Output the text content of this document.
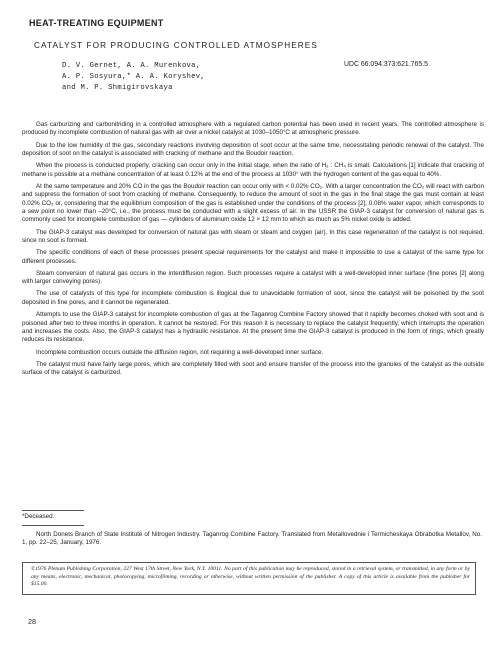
HEAT-TREATING EQUIPMENT
CATALYST FOR PRODUCING CONTROLLED ATMOSPHERES
D. V. Gernet, A. A. Murenkova,
A. P. Sosyura,* A. A. Koryshev,
and M. P. Shmigirovskaya
UDC 66.094.373:621.765.5

Gas carburizing and carbonitriding in a controlled atmosphere with a regulated carbon potential has been used in recent years. The controlled atmosphere is produced by incomplete combustion of natural gas with air over a nickel catalyst at 1030–1050°C at atmospheric pressure.

Due to the low humidity of the gas, secondary reactions involving deposition of soot occur at the same time, necessitating periodic renewal of the catalyst. The deposition of soot on the catalyst is associated with cracking of methane and the Boudoir reaction.

When the process is conducted properly, cracking can occur only in the initial stage, when the ratio of H₂ : CH₄ is small. Calculations [1] indicate that cracking of methane is possible at a methane concentration of at least 0.12% at the end of the process at 1030° with the hydrogen content of the gas equal to 40%.

At the same temperature and 20% CO in the gas the Boudoir reaction can occur only with < 0.02% CO₂. With a larger concentration the CO₂ will react with carbon and suppress the formation of soot from cracking of methane. Consequently, to reduce the amount of soot in the gas in the final stage the gas must contain at least 0.02% CO₂ or, considering that the equilibrium composition of the gas is established under the conditions of the process [2], 0.08% water vapor, which corresponds to a sew point no lower than –20°C, i.e., the process must be conducted with a slight excess of air. In the USSR the GIAP-3 catalyst for conversion of natural gas is commonly used for incomplete combustion of gas — cylinders of aluminum oxide 12 × 12 mm to which as much as 5% nickel oxide is added.

The GIAP-3 catalyst was developed for conversion of natural gas with steam or steam and oxygen (air). In this case regeneration of the catalyst is not required, since no soot is formed.

The specific conditions of each of these processes present special requirements for the catalyst and make it impossible to use a catalyst of the same type for different processes.

Steam conversion of natural gas occurs in the interdiffusion region. Such processes require a catalyst with a well-developed inner surface (fine pores [2] along with larger conveying pores).

The use of catalysts of this type for incomplete combustion is illogical due to unavoidable formation of soot, since the catalyst will be poisoned by the soot deposited in fine pores, and it cannot be regenerated.

Attempts to use the GIAP-3 catalyst for incomplete combustion of gas at the Taganrog Combine Factory showed that it rapidly becomes choked with soot and is poisoned after two to three months in operation. It cannot be restored. For this reason it is necessary to replace the catalyst frequently, which interrupts the operation and increases the costs. Also, the GIAP-3 catalyst has a hydraulic resistance. At the present time the GIAP-3 catalyst is produced in the form of rings, which greatly reduces its resistance.

Incomplete combustion occurs outside the diffusion region, not requiring a well-developed inner surface.

The catalyst must have fairly large pores, which are completely filled with soot and ensure transfer of the process into the granules of the catalyst as the outside surface of the catalyst is carburized.

*Deceased.
North Donets Branch of State Institute of Nitrogen Industry. Taganrog Combine Factory. Translated from Metallovednie i Termicheskaya Obrabotka Metallov, No. 1, pp. 22–25, January, 1976.
©1976 Plenum Publishing Corporation, 227 West 17th Street, New York, N.Y. 10011. No part of this publication may be reproduced, stored in a retrieval system, or transmitted, in any form or by any means, electronic, mechanical, photocopying, microfilming, recording or otherwise, without written permission of the publisher. A copy of this article is available from the publisher for $15.00.
28
